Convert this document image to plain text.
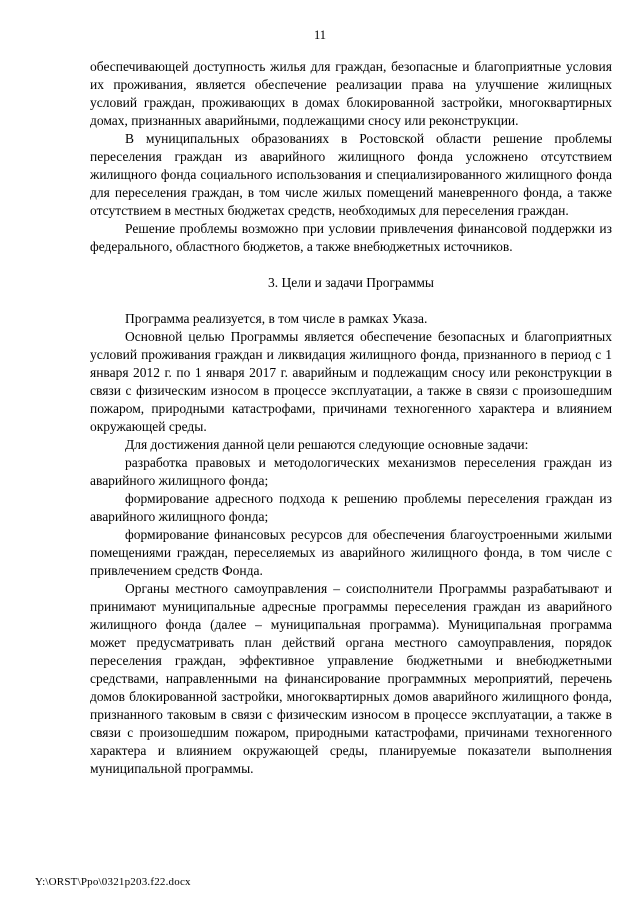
11

обеспечивающей доступность жилья для граждан, безопасные и благоприятные условия их проживания, является обеспечение реализации права на улучшение жилищных условий граждан, проживающих в домах блокированной застройки, многоквартирных домах, признанных аварийными, подлежащими сносу или реконструкции.

В муниципальных образованиях в Ростовской области решение проблемы переселения граждан из аварийного жилищного фонда усложнено отсутствием жилищного фонда социального использования и специализированного жилищного фонда для переселения граждан, в том числе жилых помещений маневренного фонда, а также отсутствием в местных бюджетах средств, необходимых для переселения граждан.

Решение проблемы возможно при условии привлечения финансовой поддержки из федерального, областного бюджетов, а также внебюджетных источников.

3. Цели и задачи Программы

Программа реализуется, в том числе в рамках Указа.

Основной целью Программы является обеспечение безопасных и благоприятных условий проживания граждан и ликвидация жилищного фонда, признанного в период с 1 января 2012 г. по 1 января 2017 г. аварийным и подлежащим сносу или реконструкции в связи с физическим износом в процессе эксплуатации, а также в связи с произошедшим пожаром, природными катастрофами, причинами техногенного характера и влиянием окружающей среды.

Для достижения данной цели решаются следующие основные задачи:

разработка правовых и методологических механизмов переселения граждан из аварийного жилищного фонда;

формирование адресного подхода к решению проблемы переселения граждан из аварийного жилищного фонда;

формирование финансовых ресурсов для обеспечения благоустроенными жилыми помещениями граждан, переселяемых из аварийного жилищного фонда, в том числе с привлечением средств Фонда.

Органы местного самоуправления – соисполнители Программы разрабатывают и принимают муниципальные адресные программы переселения граждан из аварийного жилищного фонда (далее – муниципальная программа). Муниципальная программа может предусматривать план действий органа местного самоуправления, порядок переселения граждан, эффективное управление бюджетными и внебюджетными средствами, направленными на финансирование программных мероприятий, перечень домов блокированной застройки, многоквартирных домов аварийного жилищного фонда, признанного таковым в связи с физическим износом в процессе эксплуатации, а также в связи с произошедшим пожаром, природными катастрофами, причинами техногенного характера и влиянием окружающей среды, планируемые показатели выполнения муниципальной программы.

Y:\ORST\Ppo\0321p203.f22.docx
